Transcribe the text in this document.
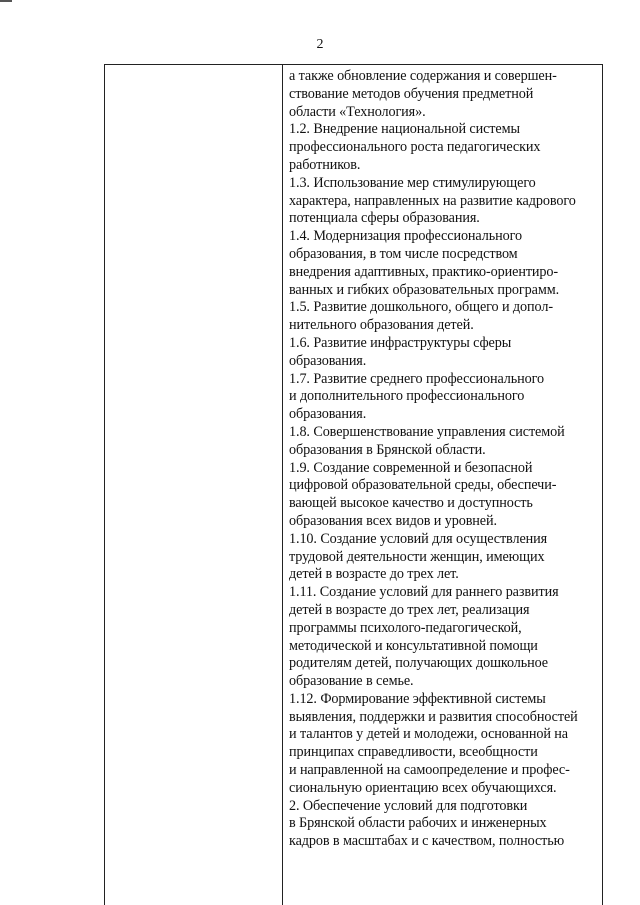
2
а также обновление содержания и совершен-
ствование методов обучения предметной
области «Технология».
1.2. Внедрение национальной системы
профессионального роста педагогических
работников.
1.3. Использование мер стимулирующего
характера, направленных на развитие кадрового
потенциала сферы образования.
1.4. Модернизация профессионального
образования, в том числе посредством
внедрения адаптивных, практико-ориентиро-
ванных и гибких образовательных программ.
1.5. Развитие дошкольного, общего и допол-
нительного образования детей.
1.6. Развитие инфраструктуры сферы
образования.
1.7. Развитие среднего профессионального
и дополнительного профессионального
образования.
1.8. Совершенствование управления системой
образования в Брянской области.
1.9. Создание современной и безопасной
цифровой образовательной среды, обеспечи-
вающей высокое качество и доступность
образования всех видов и уровней.
1.10. Создание условий для осуществления
трудовой деятельности женщин, имеющих
детей в возрасте до трех лет.
1.11. Создание условий для раннего развития
детей в возрасте до трех лет, реализация
программы психолого-педагогической,
методической и консультативной помощи
родителям детей, получающих дошкольное
образование в семье.
1.12. Формирование эффективной системы
выявления, поддержки и развития способностей
и талантов у детей и молодежи, основанной на
принципах справедливости, всеобщности
и направленной на самоопределение и профес-
сиональную ориентацию всех обучающихся.
2. Обеспечение условий для подготовки
в Брянской области рабочих и инженерных
кадров в масштабах и с качеством, полностью
